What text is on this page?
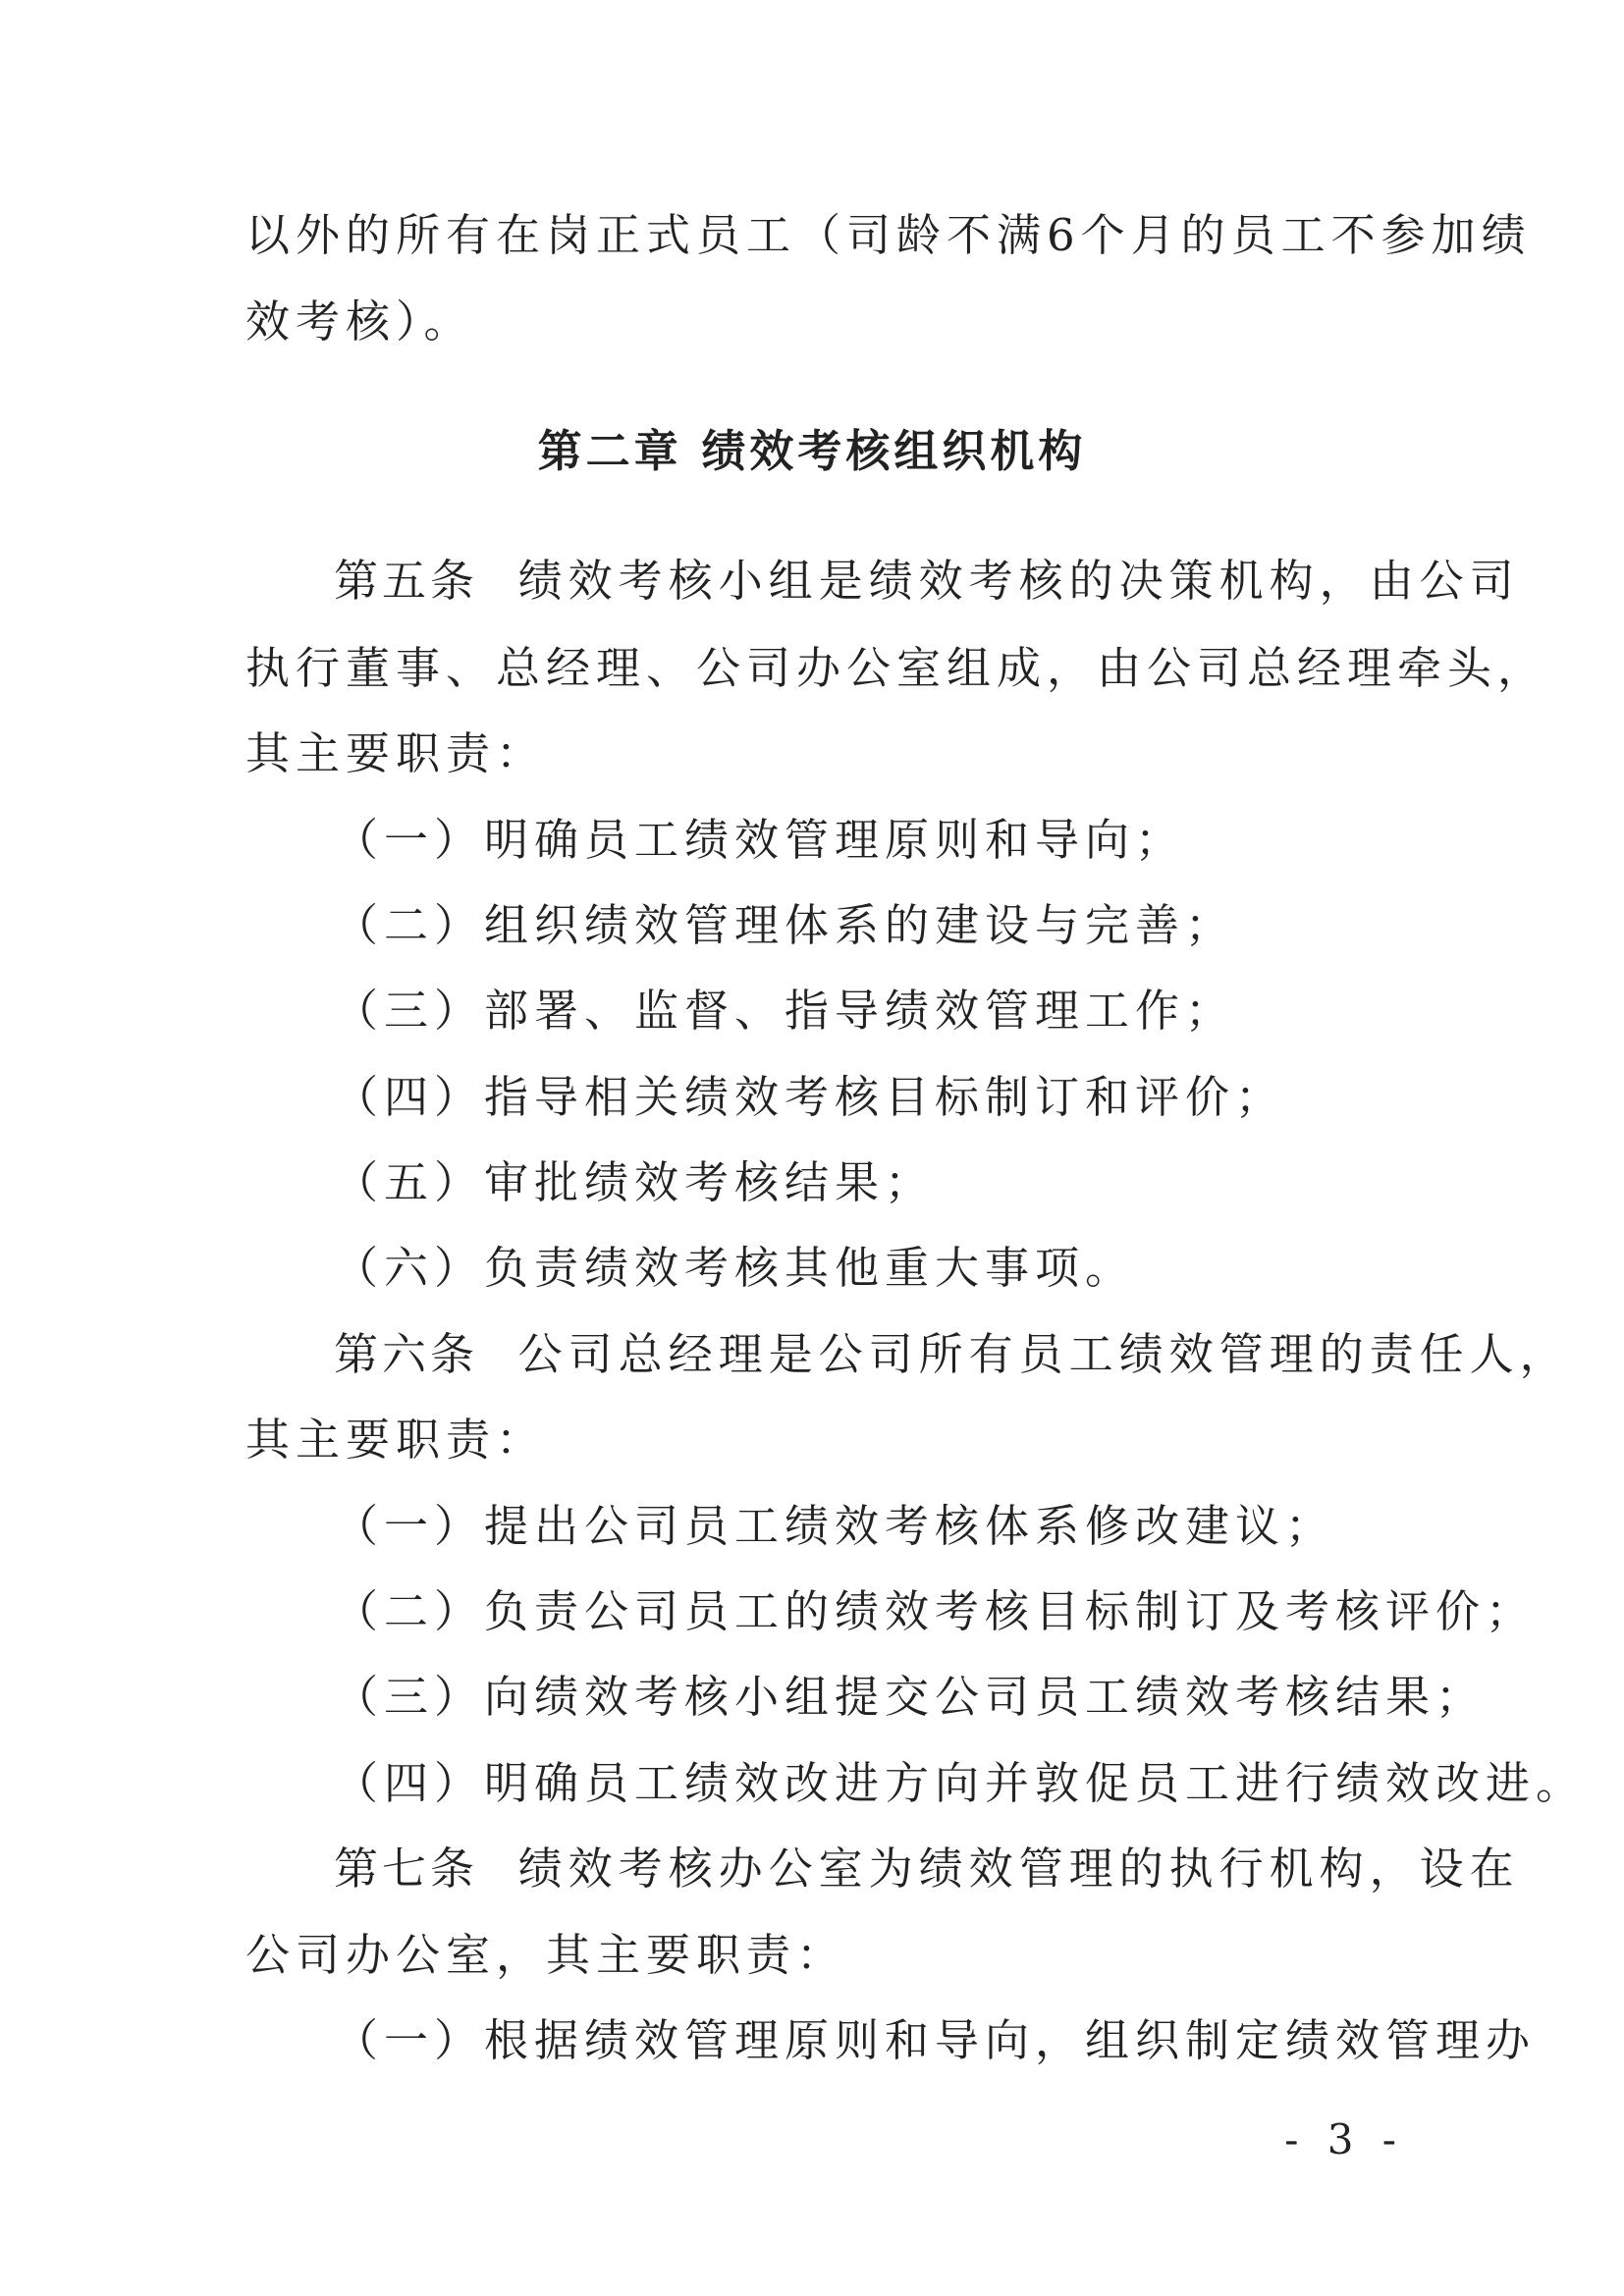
以外的所有在岗正式员工（司龄不满6个月的员工不参加绩
效考核）。
第二章 绩效考核组织机构
第五条 绩效考核小组是绩效考核的决策机构，由公司
执行董事、总经理、公司办公室组成，由公司总经理牵头，
其主要职责：
（一）明确员工绩效管理原则和导向；
（二）组织绩效管理体系的建设与完善；
（三）部署、监督、指导绩效管理工作；
（四）指导相关绩效考核目标制订和评价；
（五）审批绩效考核结果；
（六）负责绩效考核其他重大事项。
第六条 公司总经理是公司所有员工绩效管理的责任人，
其主要职责：
（一）提出公司员工绩效考核体系修改建议；
（二）负责公司员工的绩效考核目标制订及考核评价；
（三）向绩效考核小组提交公司员工绩效考核结果；
（四）明确员工绩效改进方向并敦促员工进行绩效改进。
第七条 绩效考核办公室为绩效管理的执行机构，设在
公司办公室，其主要职责：
（一）根据绩效管理原则和导向，组织制定绩效管理办
- 3 -
